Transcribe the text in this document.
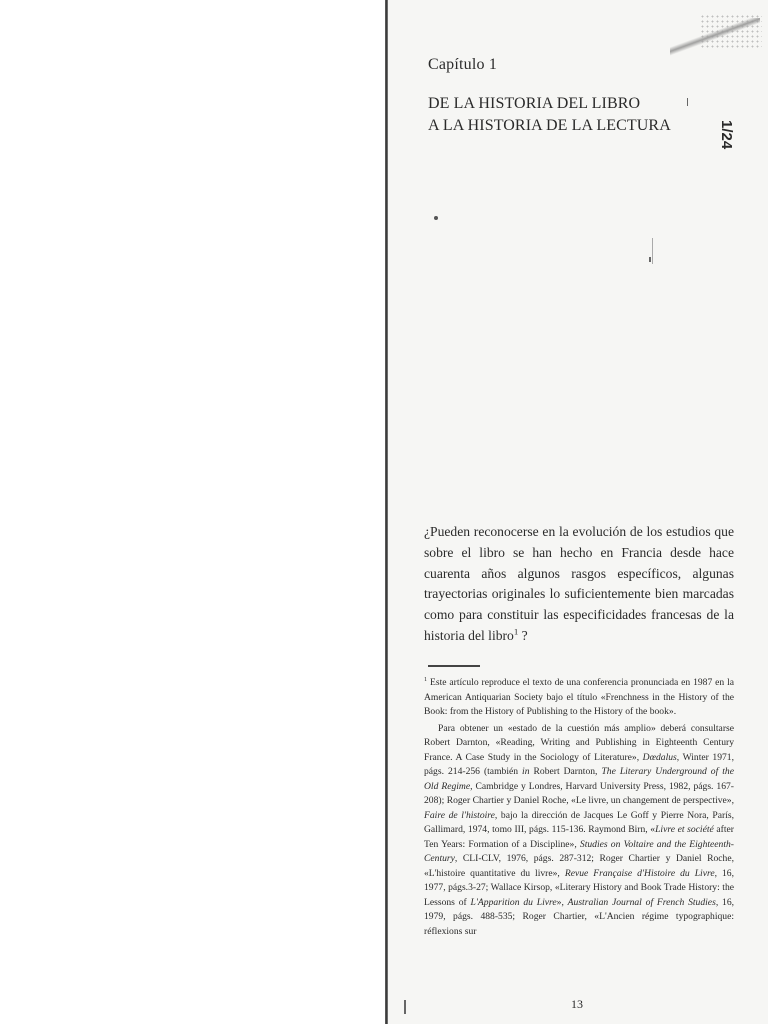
Capítulo 1
DE LA HISTORIA DEL LIBRO
A LA HISTORIA DE LA LECTURA	1/24
¿Pueden reconocerse en la evolución de los estudios que sobre el libro se han hecho en Francia desde hace cuarenta años algunos rasgos específicos, algunas trayectorias originales lo suficientemente bien marcadas como para constituir las especificidades francesas de la historia del libro$^1$ ?

$^1$ Este artículo reproduce el texto de una conferencia pronunciada en 1987 en la American Antiquarian Society bajo el título «Frenchness in the History of the Book: from the History of Publishing to the History of the book».

Para obtener un «estado de la cuestión más amplio» deberá consultarse Robert Darnton, «Reading, Writing and Publishing in Eighteenth Century France. A Case Study in the Sociology of Literature», Dœdalus, Winter 1971, págs. 214-256 (también in Robert Darnton, The Literary Underground of the Old Regime, Cambridge y Londres, Harvard University Press, 1982, págs. 167-208); Roger Chartier y Daniel Roche, «Le livre, un changement de perspective», Faire de l'histoire, bajo la dirección de Jacques Le Goff y Pierre Nora, París, Gallimard, 1974, tomo III, págs. 115-136. Raymond Birn, «Livre et société after Ten Years: Formation of a Discipline», Studies on Voltaire and the Eighteenth-Century, CLI-CLV, 1976, págs. 287-312; Roger Chartier y Daniel Roche, «L'histoire quantitative du livre», Revue Française d'Histoire du Livre, 16, 1977, págs.3-27; Wallace Kirsop, «Literary History and Book Trade History: the Lessons of L'Apparition du Livre», Australian Journal of French Studies, 16, 1979, págs. 488-535; Roger Chartier, «L'Ancien régime typographique: réflexions sur

13
